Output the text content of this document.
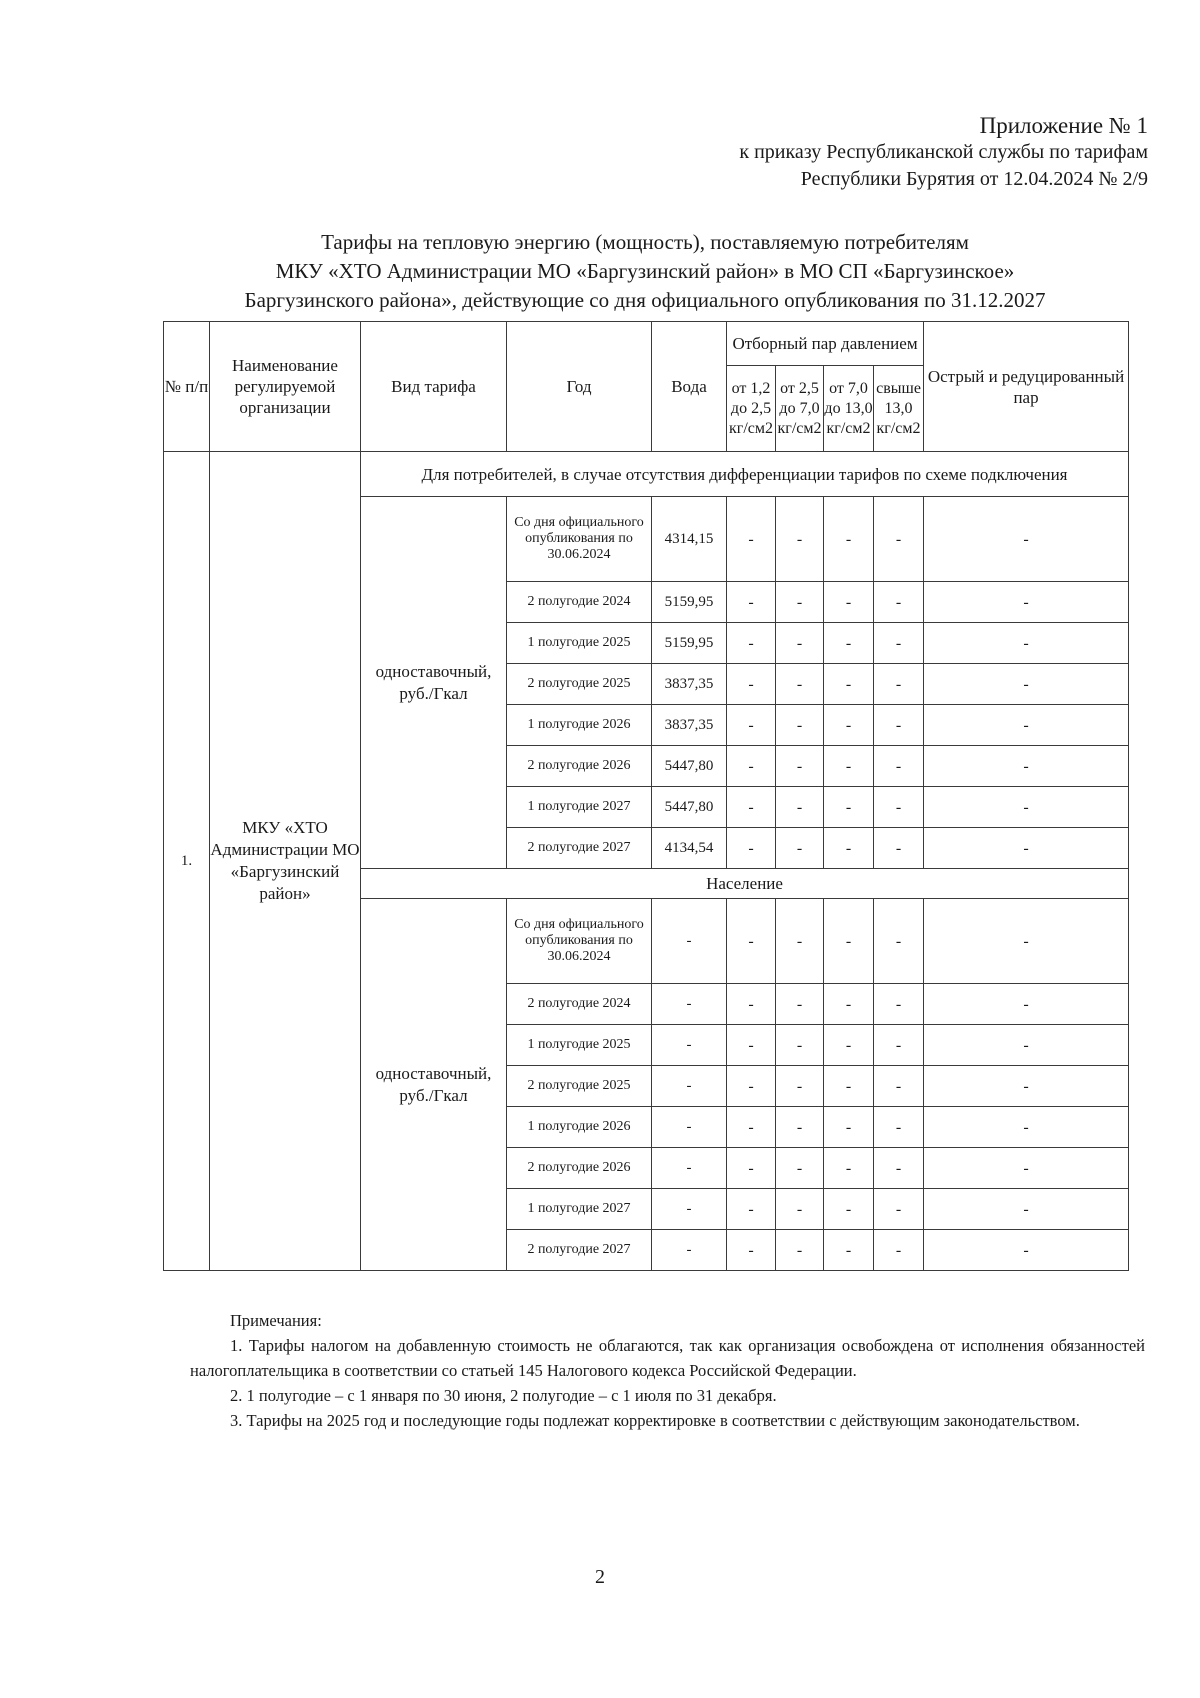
Приложение № 1
к приказу Республиканской службы по тарифам
Республики Бурятия от 12.04.2024 № 2/9
Тарифы на тепловую энергию (мощность), поставляемую потребителям
МКУ «ХТО Администрации МО «Баргузинский район» в МО СП «Баргузинское»
Баргузинского района», действующие со дня официального опубликования по 31.12.2027
№ п/п	Наименование регулируемой организации	Вид тарифа	Год	Вода	Отборный пар давлением				Острый и редуцированный пар
					от 1,2 до 2,5 кг/см2	от 2,5 до 7,0 кг/см2	от 7,0 до 13,0 кг/см2	свыше 13,0 кг/см2	
1.	МКУ «ХТО Администрации МО «Баргузинский район»	Для потребителей, в случае отсутствия дифференциации тарифов по схеме подключения							
		одноставочный, руб./Гкал	Со дня официального опубликования по 30.06.2024	4314,15	-	-	-	-	-
			2 полугодие 2024	5159,95	-	-	-	-	-
			1 полугодие 2025	5159,95	-	-	-	-	-
			2 полугодие 2025	3837,35	-	-	-	-	-
			1 полугодие 2026	3837,35	-	-	-	-	-
			2 полугодие 2026	5447,80	-	-	-	-	-
			1 полугодие 2027	5447,80	-	-	-	-	-
			2 полугодие 2027	4134,54	-	-	-	-	-
		Население							
		одноставочный, руб./Гкал	Со дня официального опубликования по 30.06.2024	-	-	-	-	-	-
			2 полугодие 2024	-	-	-	-	-	-
			1 полугодие 2025	-	-	-	-	-	-
			2 полугодие 2025	-	-	-	-	-	-
			1 полугодие 2026	-	-	-	-	-	-
			2 полугодие 2026	-	-	-	-	-	-
			1 полугодие 2027	-	-	-	-	-	-
			2 полугодие 2027	-	-	-	-	-	-

Примечания:

1. Тарифы налогом на добавленную стоимость не облагаются, так как организация освобождена от исполнения обязанностей налогоплательщика в соответствии со статьей 145 Налогового кодекса Российской Федерации.

2. 1 полугодие – с 1 января по 30 июня, 2 полугодие – с 1 июля по 31 декабря.

3. Тарифы на 2025 год и последующие годы подлежат корректировке в соответствии с действующим законодательством.

2
